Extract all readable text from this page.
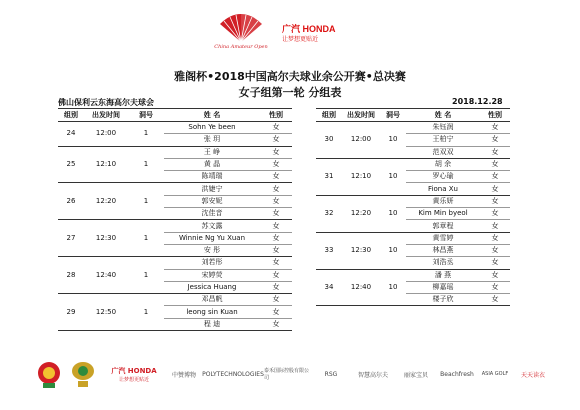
China Amateur Open
广汽 HONDA
让梦想更贴近
雅阁杯•2018中国高尔夫球业余公开赛•总决赛
女子组第一轮 分组表
佛山保利云东海高尔夫球会	2018.12.28
组别	出发时间	洞号	姓 名	性别
24	12:00	1	Sohn Ye been	女
			张 玥	女
25	12:10	1	王 峥	女
			黄 晶	女
			陈靖瑞	女
26	12:20	1	洪婕宁	女
			郭安妮	女
			沈佳音	女
27	12:30	1	苏文露	女
			Winnie Ng Yu Xuan	女
			安 彤	女
28	12:40	1	刘若彤	女
			宋婷荧	女
			Jessica Huang	女
29	12:50	1	邓昌帆	女
			leong sin Kuan	女
			程 迪	女
组别	出发时间	洞号	姓 名	性别
30	12:00	10	朱钰润	女
			王柏宁	女
			范双双	女
31	12:10	10	胡 余	女
			罗心瑜	女
			Fiona Xu	女
32	12:20	10	黄乐妍	女
			Kim Min byeol	女
			郭章程	女
33	12:30	10	黄雪婷	女
			林昌燕	女
			刘浩丞	女
34	12:40	10	潘 燕	女
			柳嘉瑶	女
			楼子欣	女
广汽 HONDA
让梦想更贴近
中赞博物	POLYTECHNOLOGIES 泰禾国际控股有限公司
RSG	智慧高尔夫	丽家宝贝	Beachfresh	ASIA GOLF	天天读衣
